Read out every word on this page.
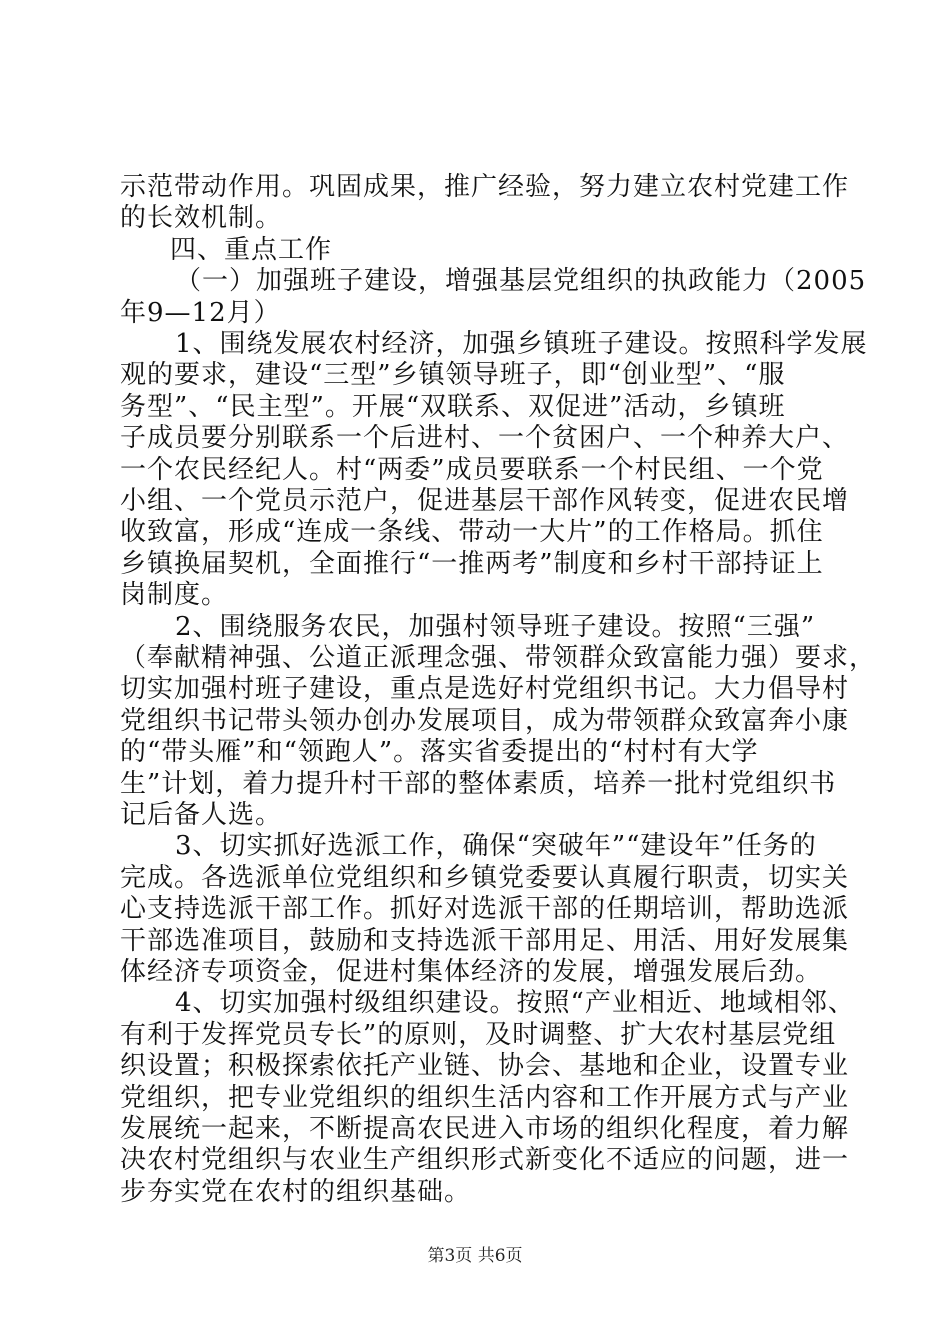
示范带动作用。巩固成果，推广经验，努力建立农村党建工作
的长效机制。
四、重点工作
（一）加强班子建设，增强基层党组织的执政能力（2005
年9—12月）
1、围绕发展农村经济，加强乡镇班子建设。按照科学发展
观的要求，建设“三型”乡镇领导班子，即“创业型”、“服
务型”、“民主型”。开展“双联系、双促进”活动，乡镇班
子成员要分别联系一个后进村、一个贫困户、一个种养大户、
一个农民经纪人。村“两委”成员要联系一个村民组、一个党
小组、一个党员示范户，促进基层干部作风转变，促进农民增
收致富，形成“连成一条线、带动一大片”的工作格局。抓住
乡镇换届契机，全面推行“一推两考”制度和乡村干部持证上
岗制度。
2、围绕服务农民，加强村领导班子建设。按照“三强”
（奉献精神强、公道正派理念强、带领群众致富能力强）要求，
切实加强村班子建设，重点是选好村党组织书记。大力倡导村
党组织书记带头领办创办发展项目，成为带领群众致富奔小康
的“带头雁”和“领跑人”。落实省委提出的“村村有大学
生”计划，着力提升村干部的整体素质，培养一批村党组织书
记后备人选。
3、切实抓好选派工作，确保“突破年”“建设年”任务的
完成。各选派单位党组织和乡镇党委要认真履行职责，切实关
心支持选派干部工作。抓好对选派干部的任期培训，帮助选派
干部选准项目，鼓励和支持选派干部用足、用活、用好发展集
体经济专项资金，促进村集体经济的发展，增强发展后劲。
4、切实加强村级组织建设。按照“产业相近、地域相邻、
有利于发挥党员专长”的原则，及时调整、扩大农村基层党组
织设置；积极探索依托产业链、协会、基地和企业，设置专业
党组织，把专业党组织的组织生活内容和工作开展方式与产业
发展统一起来，不断提高农民进入市场的组织化程度，着力解
决农村党组织与农业生产组织形式新变化不适应的问题，进一
步夯实党在农村的组织基础。
第3页 共6页
